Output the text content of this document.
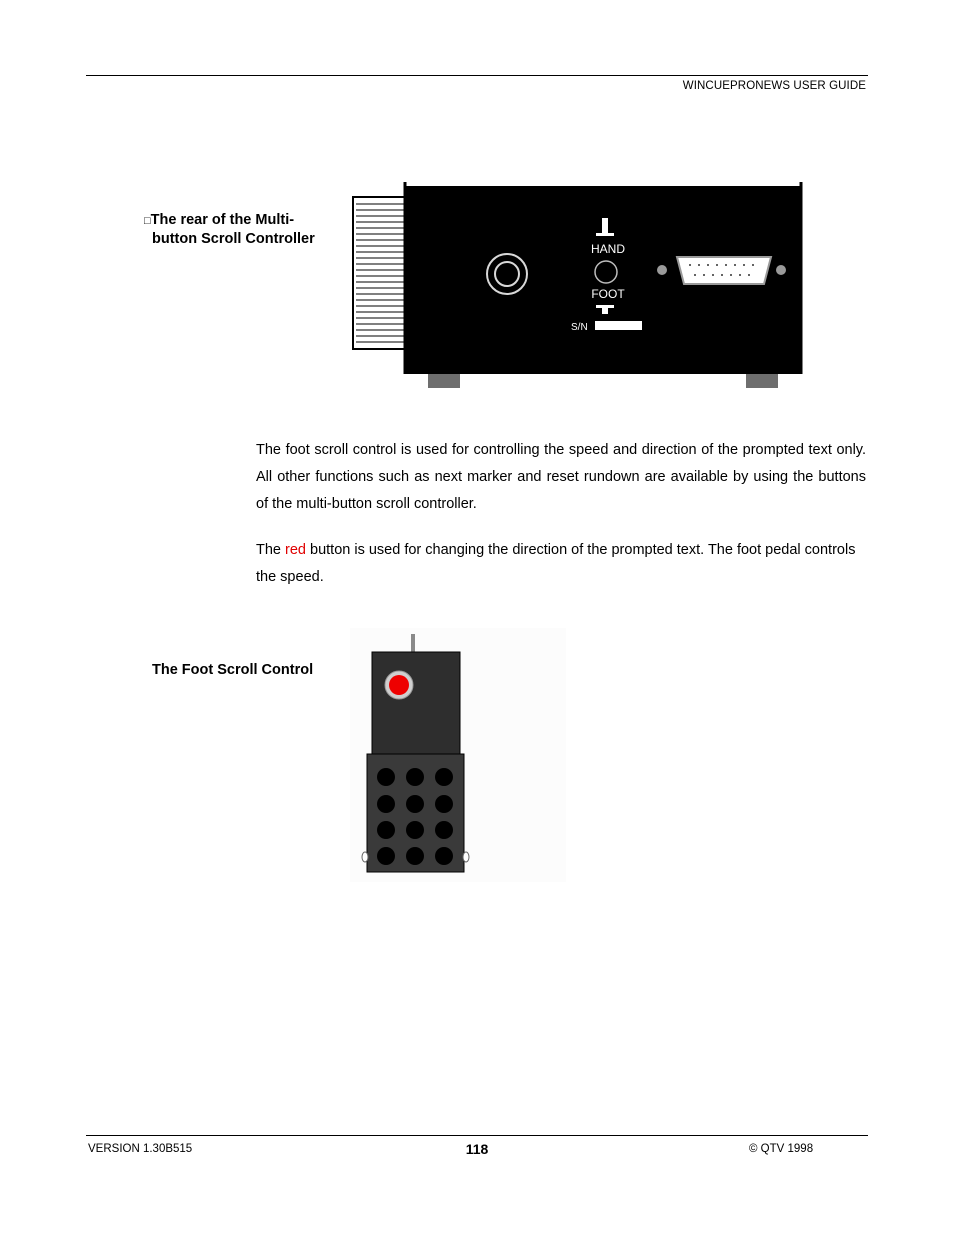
WINCUEPRONEWS USER GUIDE
□The rear of the Multi-
button Scroll Controller
HAND
FOOT
S/N
The foot scroll control is used for controlling the speed and direction of the prompted text only. All other functions such as next marker and reset rundown are available by using the buttons of the multi-button scroll controller.
The red button is used for changing the direction of the prompted text. The foot pedal controls the speed.
The Foot Scroll Control
VERSION 1.30B515	118	© QTV 1998
